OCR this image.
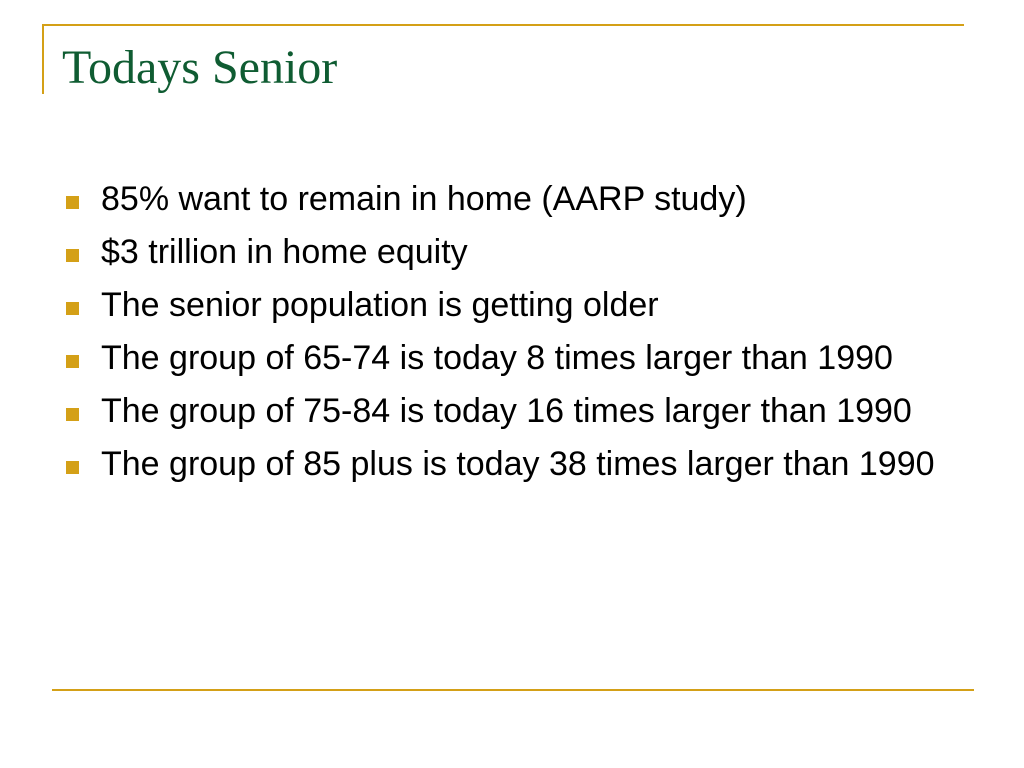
Todays Senior
85% want to remain in home (AARP study)
$3 trillion in home equity
The senior population is getting older
The group of 65-74 is today 8 times larger than 1990
The group of 75-84 is today 16 times larger than 1990
The group of 85 plus is today 38 times larger than 1990
